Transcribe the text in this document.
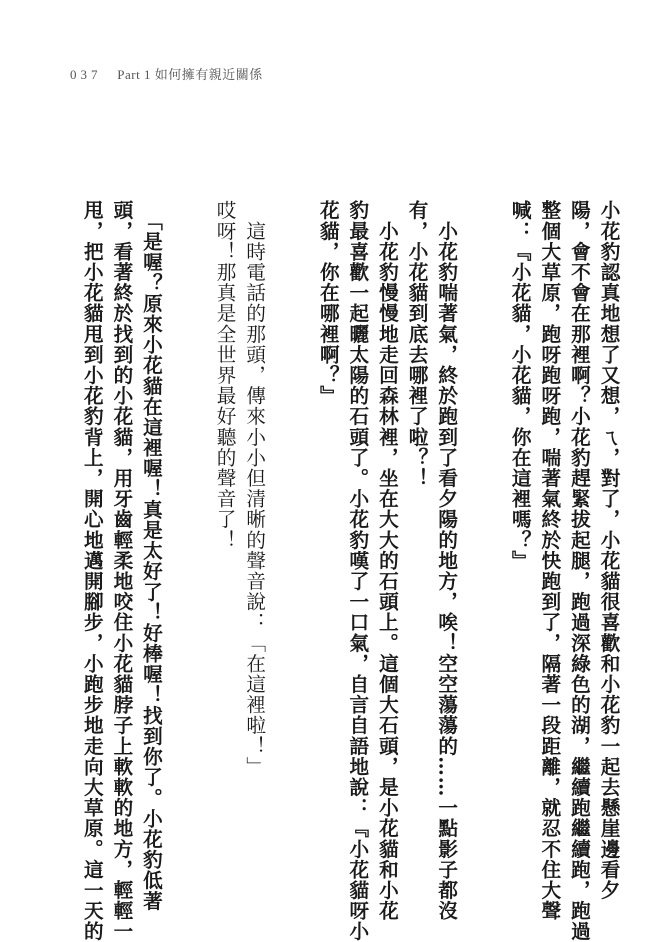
037 Part 1 如何擁有親近關係

小花豹認真地想了又想，ㄟ，對了，小花貓很喜歡和小花豹一起去懸崖邊看夕

陽，會不會在那裡啊？小花豹趕緊拔起腿，跑過深綠色的湖，繼續跑繼續跑，跑過

整個大草原，跑呀跑呀跑，喘著氣終於快跑到了，隔著一段距離，就忍不住大聲

喊：『小花貓，小花貓，你在這裡嗎？』

　小花豹喘著氣，終於跑到了看夕陽的地方，唉！空空蕩蕩的……一點影子都沒

有，小花貓到底去哪裡了啦？！

　小花豹慢慢地走回森林裡，坐在大大的石頭上。這個大石頭，是小花貓和小花

豹最喜歡一起曬太陽的石頭了。小花豹嘆了一口氣，自言自語地說：『小花貓呀小

花貓，你在哪裡啊？』

　這時電話的那頭，傳來小小但清晰的聲音說：「在這裡啦！」

哎呀！那真是全世界最好聽的聲音了！

　「是喔？原來小花貓在這裡喔！真是太好了！好棒喔！找到你了。小花豹低著

頭，看著終於找到的小花貓，用牙齒輕柔地咬住小花貓脖子上軟軟的地方，輕輕一

甩，把小花貓甩到小花豹背上，開心地邁開腳步，小跑步地走向大草原。這一天的
